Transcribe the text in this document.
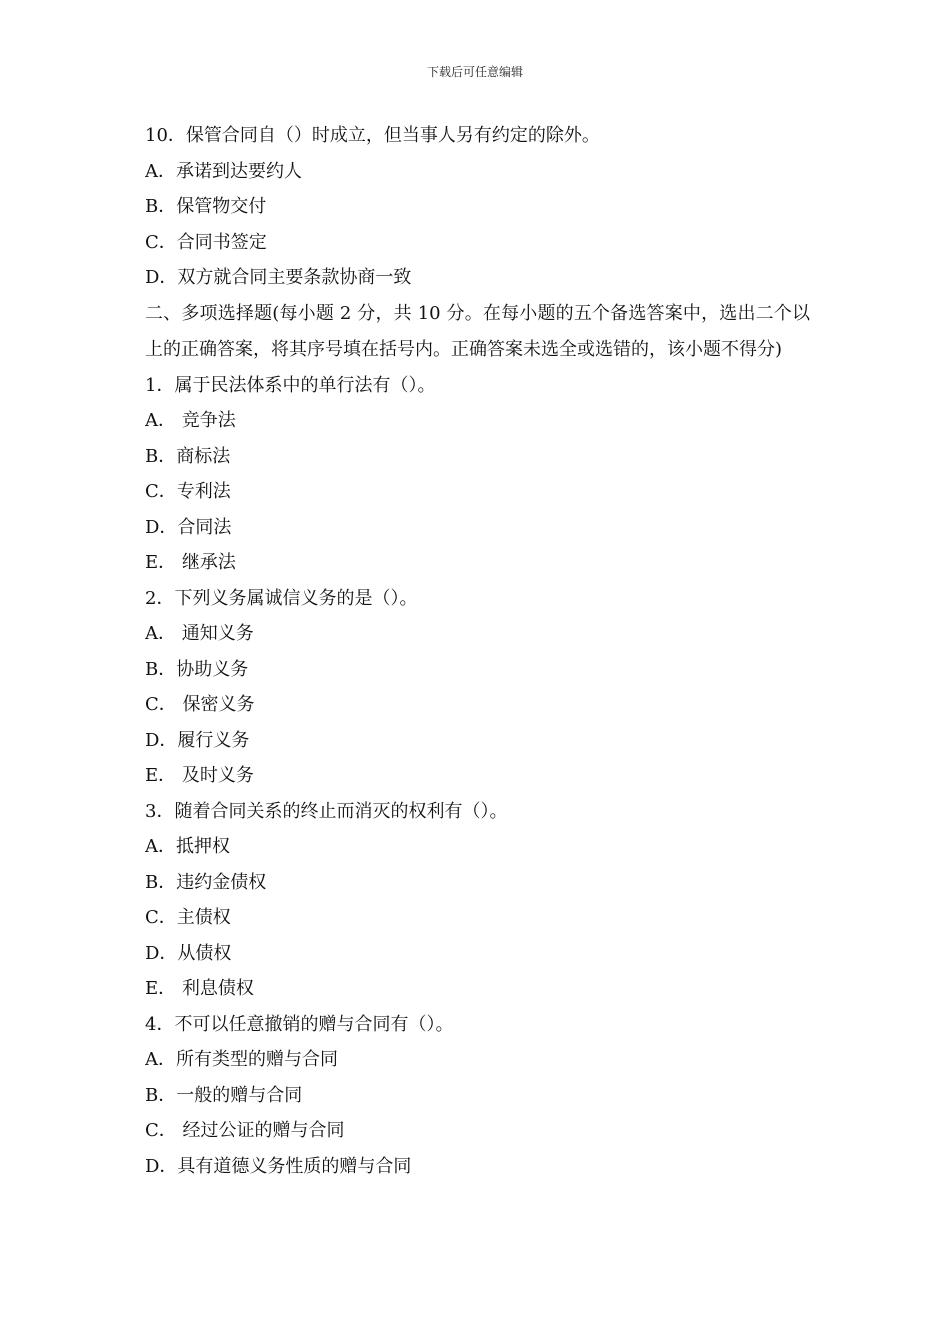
下载后可任意编辑
10．保管合同自（）时成立，但当事人另有约定的除外。
A．承诺到达要约人
B．保管物交付
C．合同书签定
D．双方就合同主要条款协商一致
二、多项选择题(每小题 2 分，共 10 分。在每小题的五个备选答案中，选出二个以上的正确答案，将其序号填在括号内。正确答案未选全或选错的，该小题不得分)
1．属于民法体系中的单行法有（）。
A． 竞争法
B．商标法
C．专利法
D．合同法
E． 继承法
2．下列义务属诚信义务的是（）。
A． 通知义务
B．协助义务
C． 保密义务
D．履行义务
E． 及时义务
3．随着合同关系的终止而消灭的权利有（）。
A．抵押权
B．违约金债权
C．主债权
D．从债权
E． 利息债权
4．不可以任意撤销的赠与合同有（）。
A．所有类型的赠与合同
B．一般的赠与合同
C． 经过公证的赠与合同
D．具有道德义务性质的赠与合同
